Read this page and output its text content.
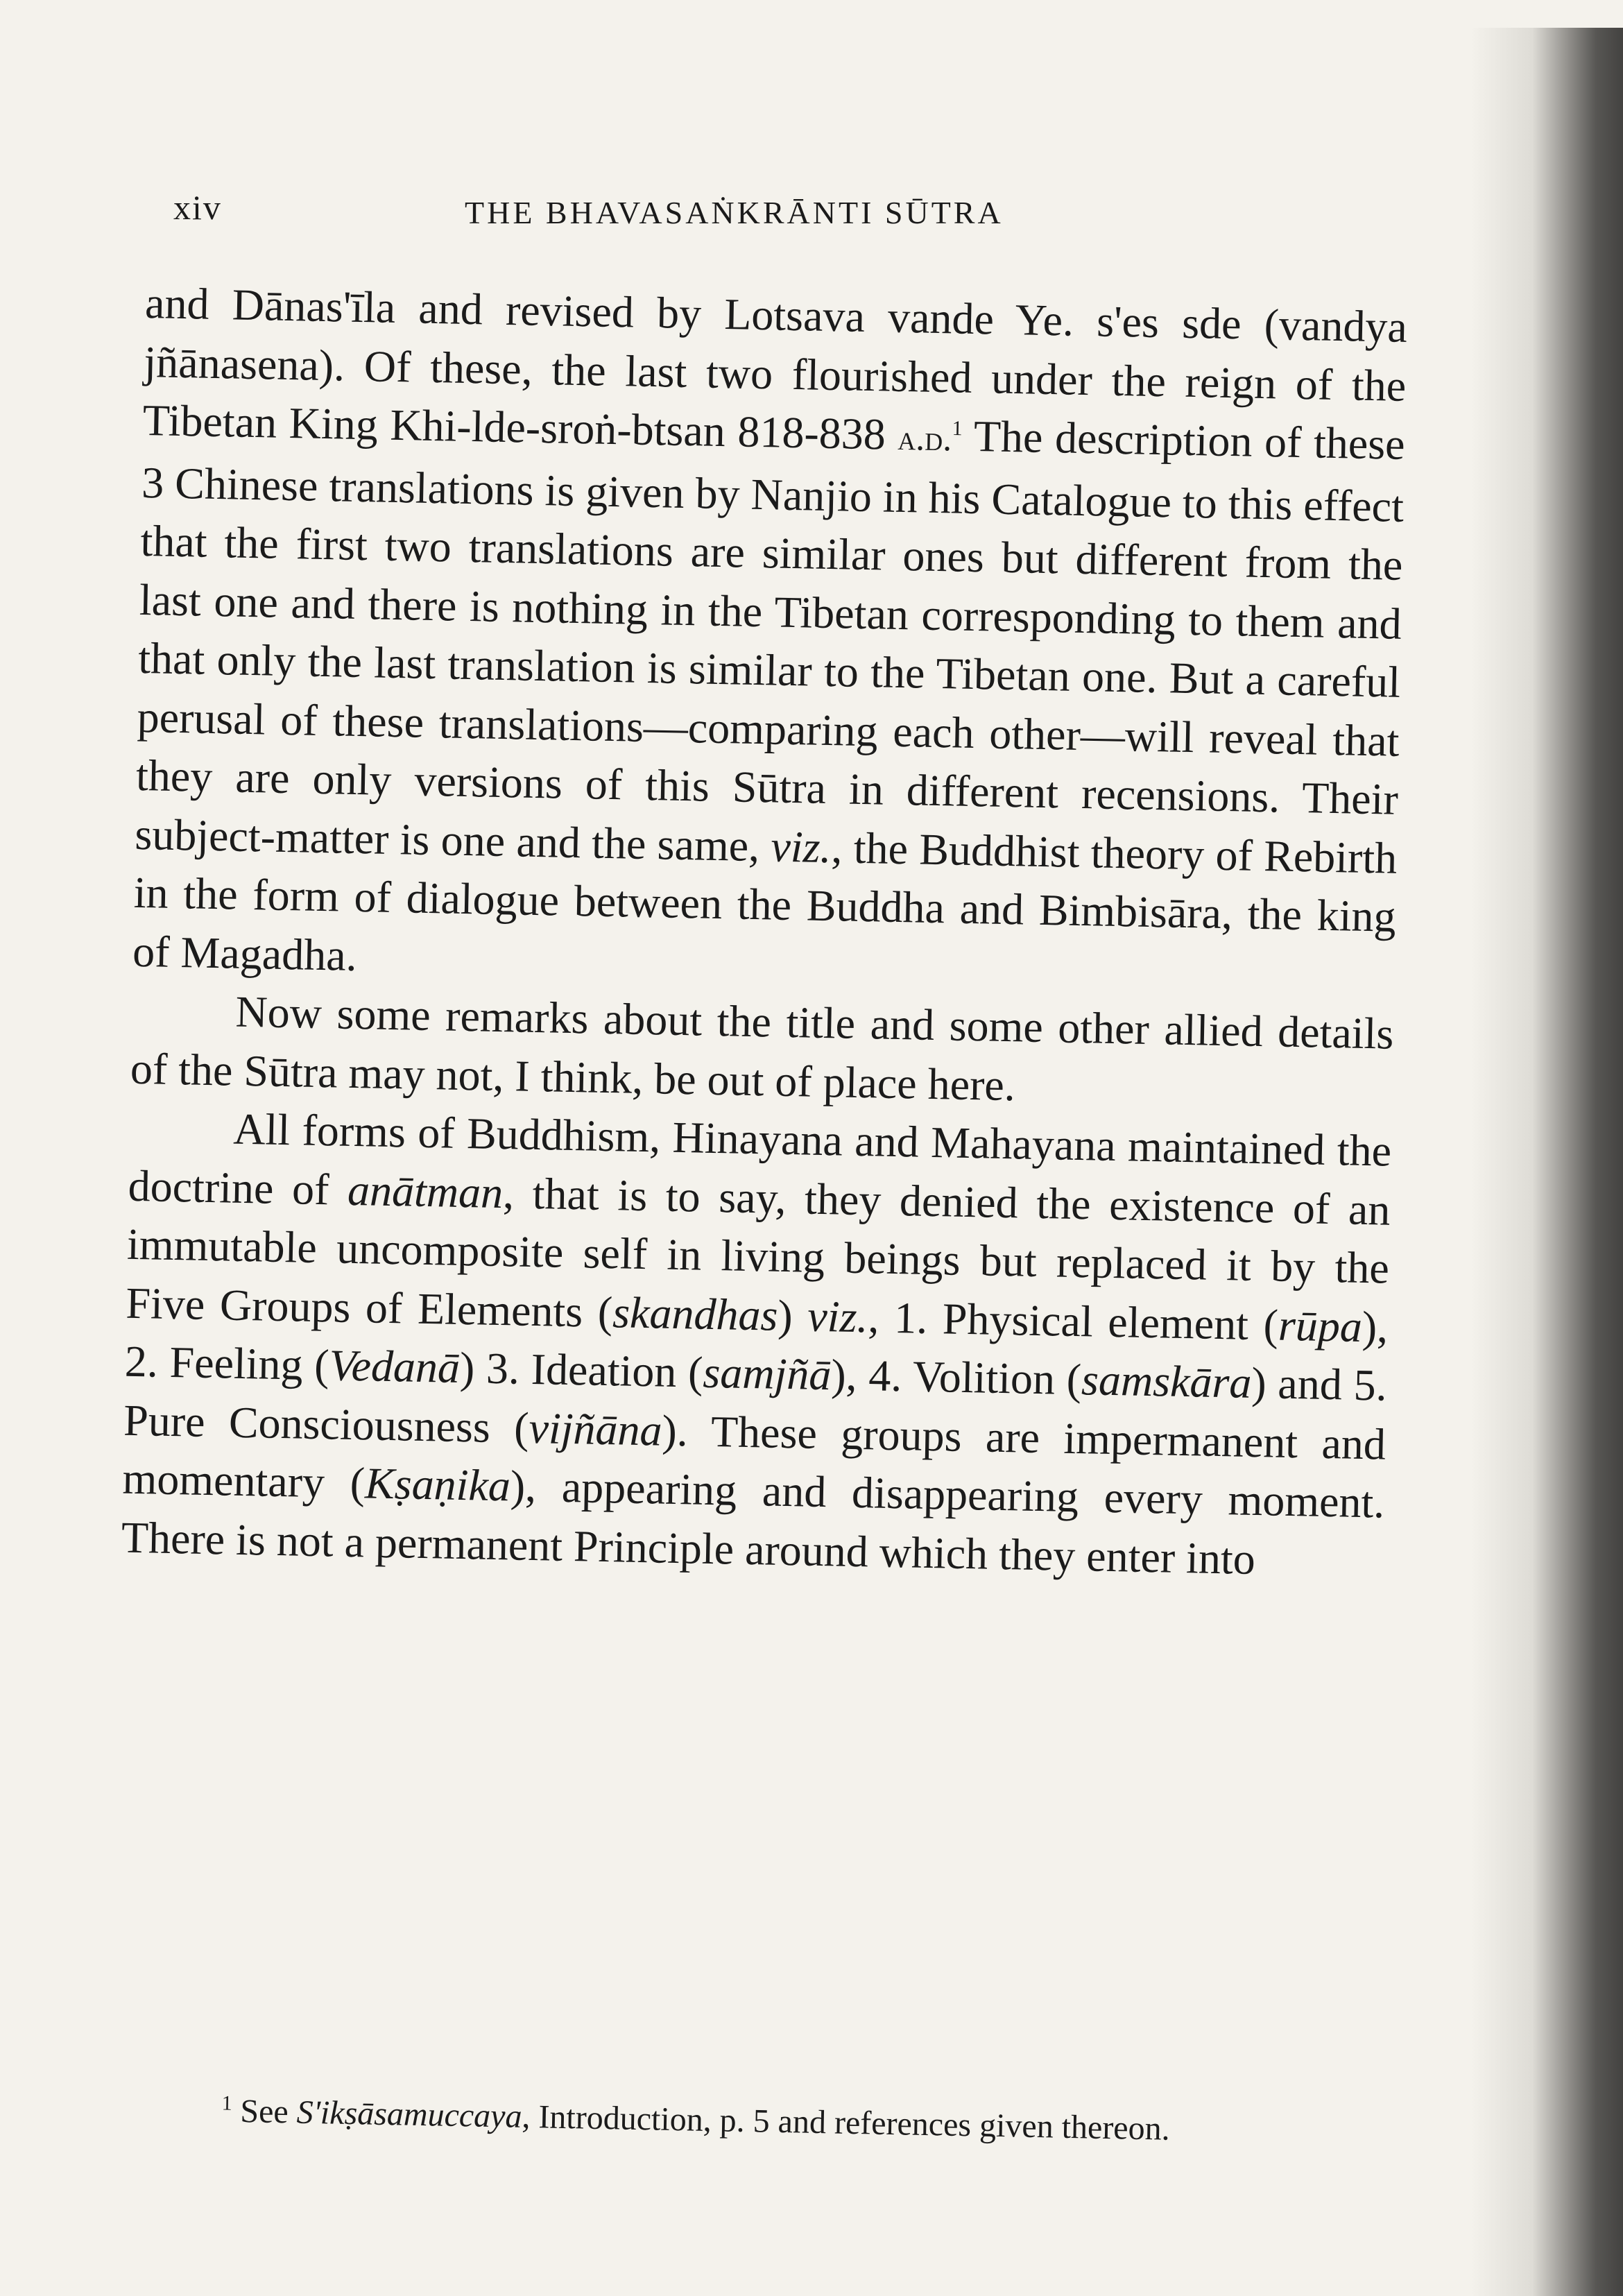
xiv	THE BHAVASAṄKRĀNTI SŪTRA

and Dānas'īla and revised by Lotsava vande Ye. s'es sde (vandya jñānasena). Of these, the last two flourished under the reign of the Tibetan King Khi-lde-sroṅ-btsan 818-838 a.d.$^1$ The description of these 3 Chinese translations is given by Nanjio in his Catalogue to this effect that the first two translations are similar ones but different from the last one and there is nothing in the Tibetan corresponding to them and that only the last translation is similar to the Tibetan one. But a careful perusal of these translations—comparing each other—will reveal that they are only versions of this Sūtra in different recensions. Their subject-matter is one and the same, viz., the Buddhist theory of Rebirth in the form of dialogue between the Buddha and Bimbisāra, the king of Magadha.

Now some remarks about the title and some other allied details of the Sūtra may not, I think, be out of place here.

All forms of Buddhism, Hinayana and Mahayana maintained the doctrine of anātman, that is to say, they denied the existence of an immutable uncomposite self in living beings but replaced it by the Five Groups of Elements (skandhas) viz., 1. Physical element (rūpa), 2. Feeling (Vedanā) 3. Ideation (samjñā), 4. Volition (samskāra) and 5. Pure Consciousness (vijñāna). These groups are impermanent and momentary (Kṣaṇika), appearing and disappearing every moment. There is not a permanent Principle around which they enter into

$^1$ See S'ikṣāsamuccaya, Introduction, p. 5 and references given thereon.
